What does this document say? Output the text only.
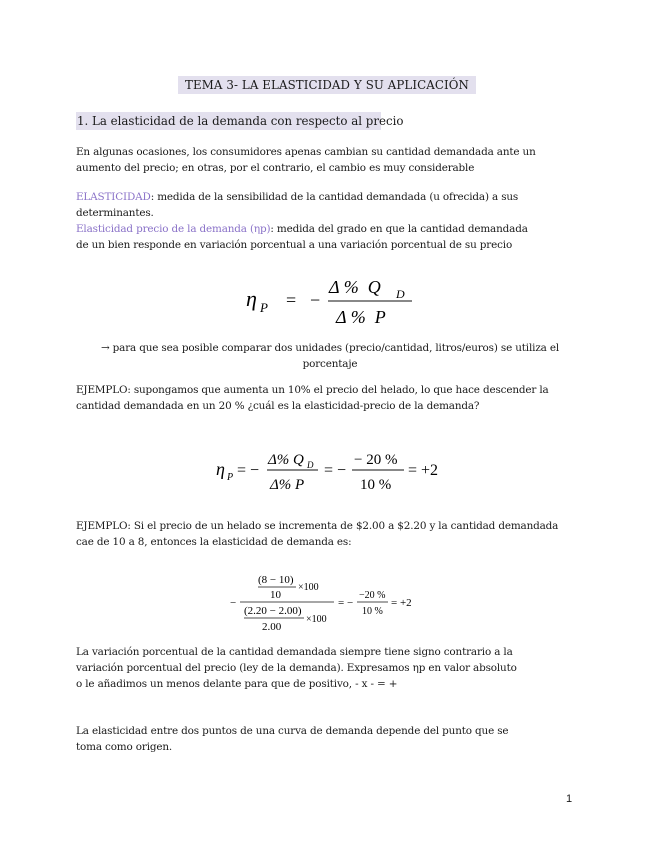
TEMA 3- LA ELASTICIDAD Y SU APLICACIÓN
1. La elasticidad de la demanda con respecto al precio
En algunas ocasiones, los consumidores apenas cambian su cantidad demandada ante un
aumento del precio; en otras, por el contrario, el cambio es muy considerable
ELASTICIDAD: medida de la sensibilidad de la cantidad demandada (u ofrecida) a sus
determinantes.
Elasticidad precio de la demanda (ηp): medida del grado en que la cantidad demandada
de un bien responde en variación porcentual a una variación porcentual de su precio
η P = −
Δ %  Q D
Δ %  P
→ para que sea posible comparar dos unidades (precio/cantidad, litros/euros) se utiliza el
porcentaje
EJEMPLO: supongamos que aumenta un 10% el precio del helado, lo que hace descender la
cantidad demandada en un 20 % ¿cuál es la elasticidad-precio de la demanda?
η P = −
Δ% Q D
Δ% P
= −
− 20 %
10 %
= +2
EJEMPLO: Si el precio de un helado se incrementa de $2.00 a $2.20 y la cantidad demandada
cae de 10 a 8, entonces la elasticidad de demanda es:
−
(8 − 10)
×100
10
(2.20 − 2.00)
×100
2.00
= −
−20 %
10 %
= +2
La variación porcentual de la cantidad demandada siempre tiene signo contrario a la
variación porcentual del precio (ley de la demanda). Expresamos ηp en valor absoluto
o le añadimos un menos delante para que de positivo, - x - = +
La elasticidad entre dos puntos de una curva de demanda depende del punto que se
toma como origen.
1
